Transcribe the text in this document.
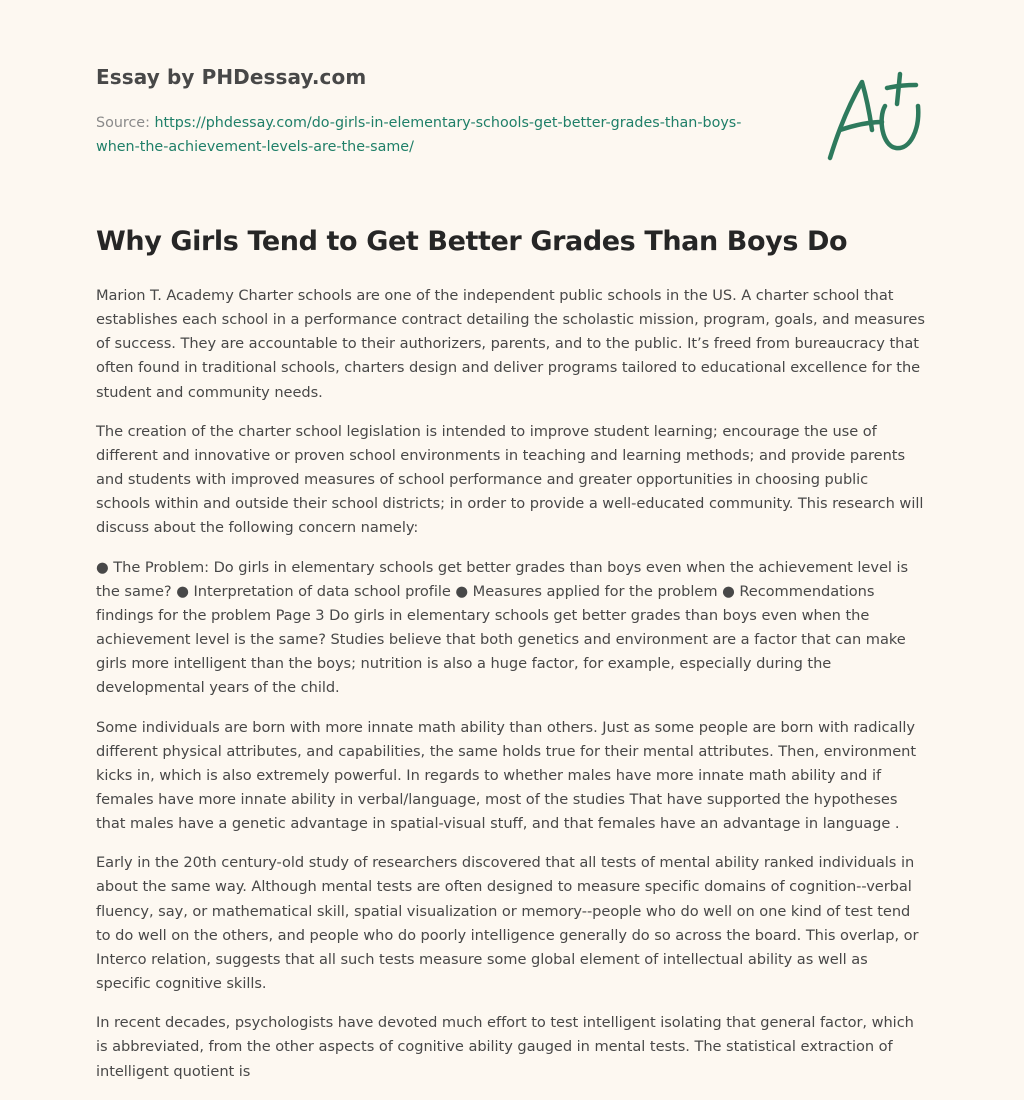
Essay by PHDessay.com
Source: https://phdessay.com/do-girls-in-elementary-schools-get-better-grades-than-boys-when-the-achievement-levels-are-the-same/
Why Girls Tend to Get Better Grades Than Boys Do

Marion T. Academy Charter schools are one of the independent public schools in the US. A charter school that establishes each school in a performance contract detailing the scholastic mission, program, goals, and measures of success. They are accountable to their authorizers, parents, and to the public. It’s freed from bureaucracy that often found in traditional schools, charters design and deliver programs tailored to educational excellence for the student and community needs.

The creation of the charter school legislation is intended to improve student learning; encourage the use of different and innovative or proven school environments in teaching and learning methods; and provide parents and students with improved measures of school performance and greater opportunities in choosing public schools within and outside their school districts; in order to provide a well-educated community. This research will discuss about the following concern namely:

● The Problem: Do girls in elementary schools get better grades than boys even when the achievement level is the same? ● Interpretation of data school profile ● Measures applied for the problem ● Recommendations findings for the problem Page 3 Do girls in elementary schools get better grades than boys even when the achievement level is the same? Studies believe that both genetics and environment are a factor that can make girls more intelligent than the boys; nutrition is also a huge factor, for example, especially during the developmental years of the child.

Some individuals are born with more innate math ability than others. Just as some people are born with radically different physical attributes, and capabilities, the same holds true for their mental attributes. Then, environment kicks in, which is also extremely powerful. In regards to whether males have more innate math ability and if females have more innate ability in verbal/language, most of the studies That have supported the hypotheses that males have a genetic advantage in spatial-visual stuff, and that females have an advantage in language .

Early in the 20th century-old study of researchers discovered that all tests of mental ability ranked individuals in about the same way. Although mental tests are often designed to measure specific domains of cognition--verbal fluency, say, or mathematical skill, spatial visualization or memory--people who do well on one kind of test tend to do well on the others, and people who do poorly intelligence generally do so across the board. This overlap, or Interco relation, suggests that all such tests measure some global element of intellectual ability as well as specific cognitive skills.

In recent decades, psychologists have devoted much effort to test intelligent isolating that general factor, which is abbreviated, from the other aspects of cognitive ability gauged in mental tests. The statistical extraction of intelligent quotient is
